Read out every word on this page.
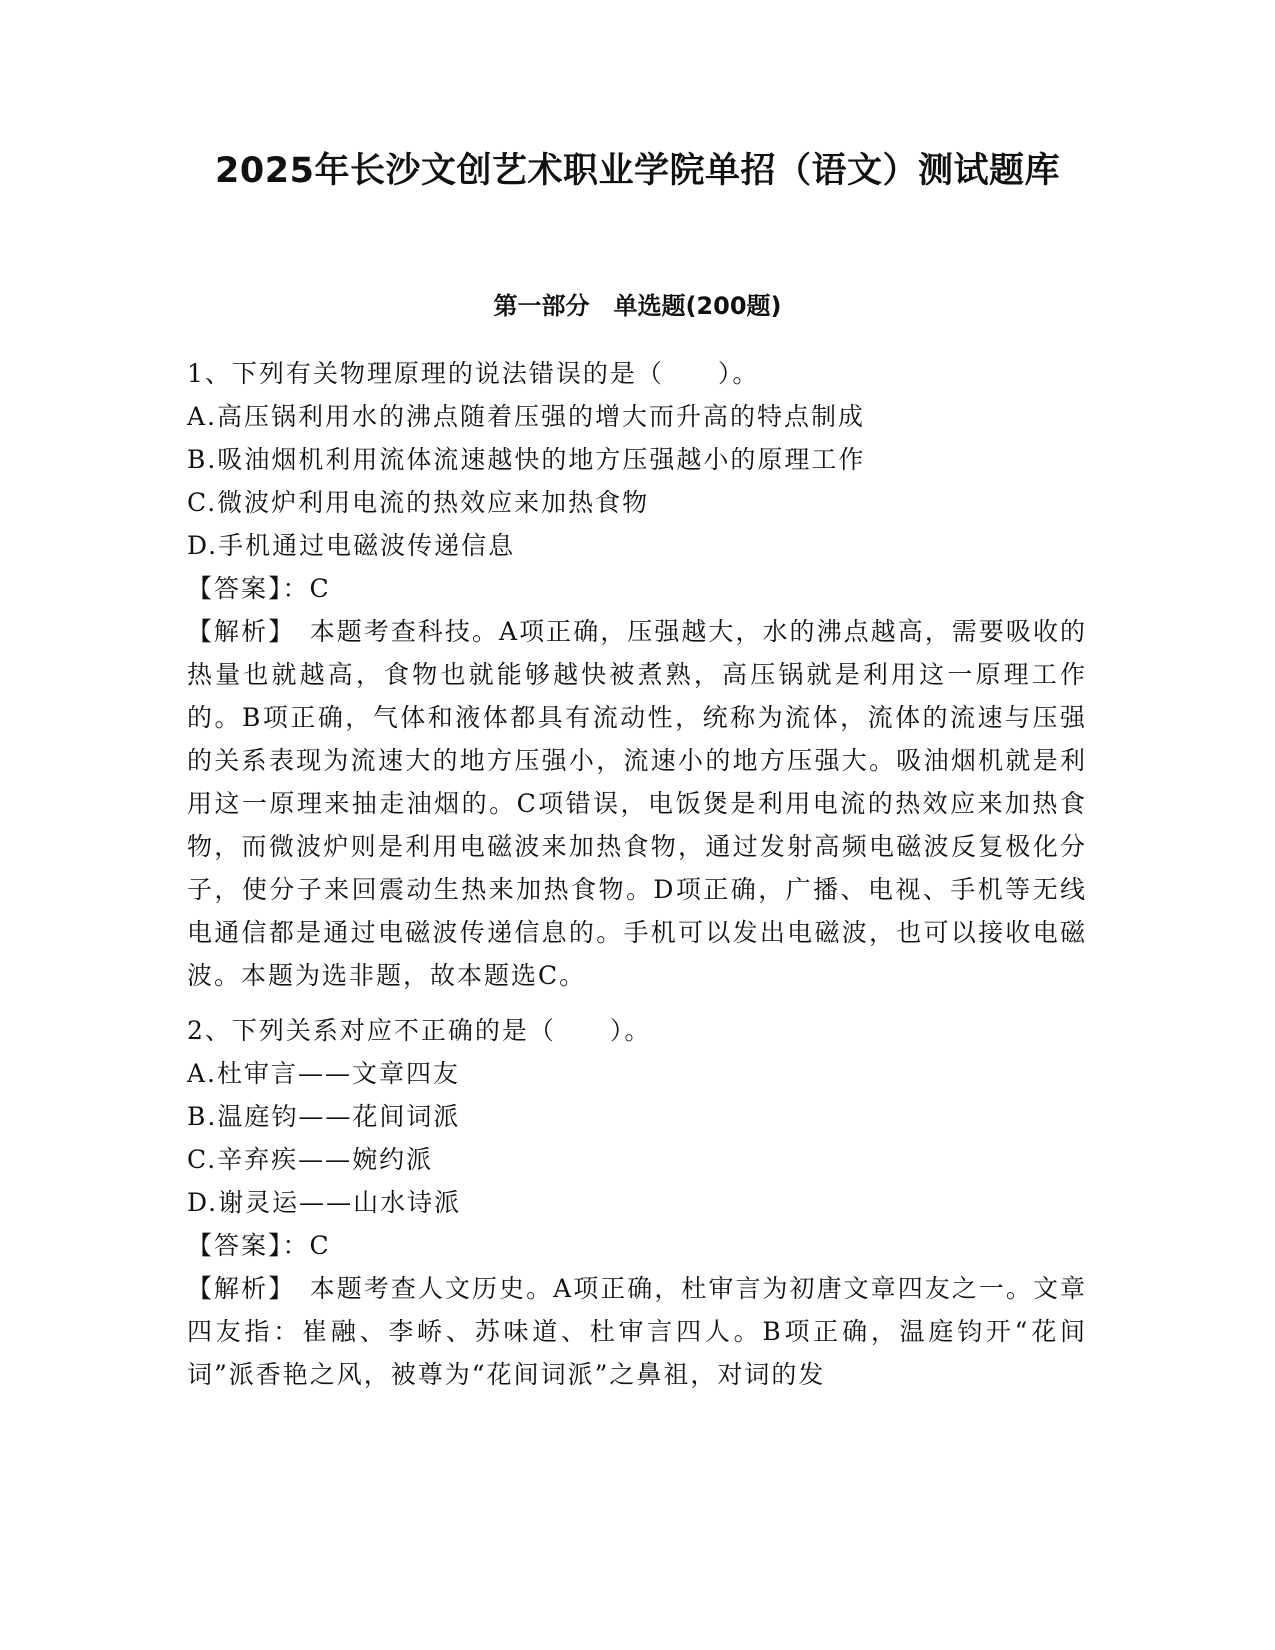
2025年长沙文创艺术职业学院单招（语文）测试题库
第一部分　单选题(200题)
1、下列有关物理原理的说法错误的是（　　）。
A.高压锅利用水的沸点随着压强的增大而升高的特点制成
B.吸油烟机利用流体流速越快的地方压强越小的原理工作
C.微波炉利用电流的热效应来加热食物
D.手机通过电磁波传递信息
【答案】：C
【解析】　本题考查科技。A项正确，压强越大，水的沸点越高，需要吸收的热量也就越高，食物也就能够越快被煮熟，高压锅就是利用这一原理工作的。B项正确，气体和液体都具有流动性，统称为流体，流体的流速与压强的关系表现为流速大的地方压强小，流速小的地方压强大。吸油烟机就是利用这一原理来抽走油烟的。C项错误，电饭煲是利用电流的热效应来加热食物，而微波炉则是利用电磁波来加热食物，通过发射高频电磁波反复极化分子，使分子来回震动生热来加热食物。D项正确，广播、电视、手机等无线电通信都是通过电磁波传递信息的。手机可以发出电磁波，也可以接收电磁波。本题为选非题，故本题选C。
2、下列关系对应不正确的是（　　）。
A.杜审言——文章四友
B.温庭钧——花间词派
C.辛弃疾——婉约派
D.谢灵运——山水诗派
【答案】：C
【解析】　本题考查人文历史。A项正确，杜审言为初唐文章四友之一。文章四友指：崔融、李峤、苏味道、杜审言四人。B项正确，温庭钧开“花间词”派香艳之风，被尊为“花间词派”之鼻祖，对词的发
